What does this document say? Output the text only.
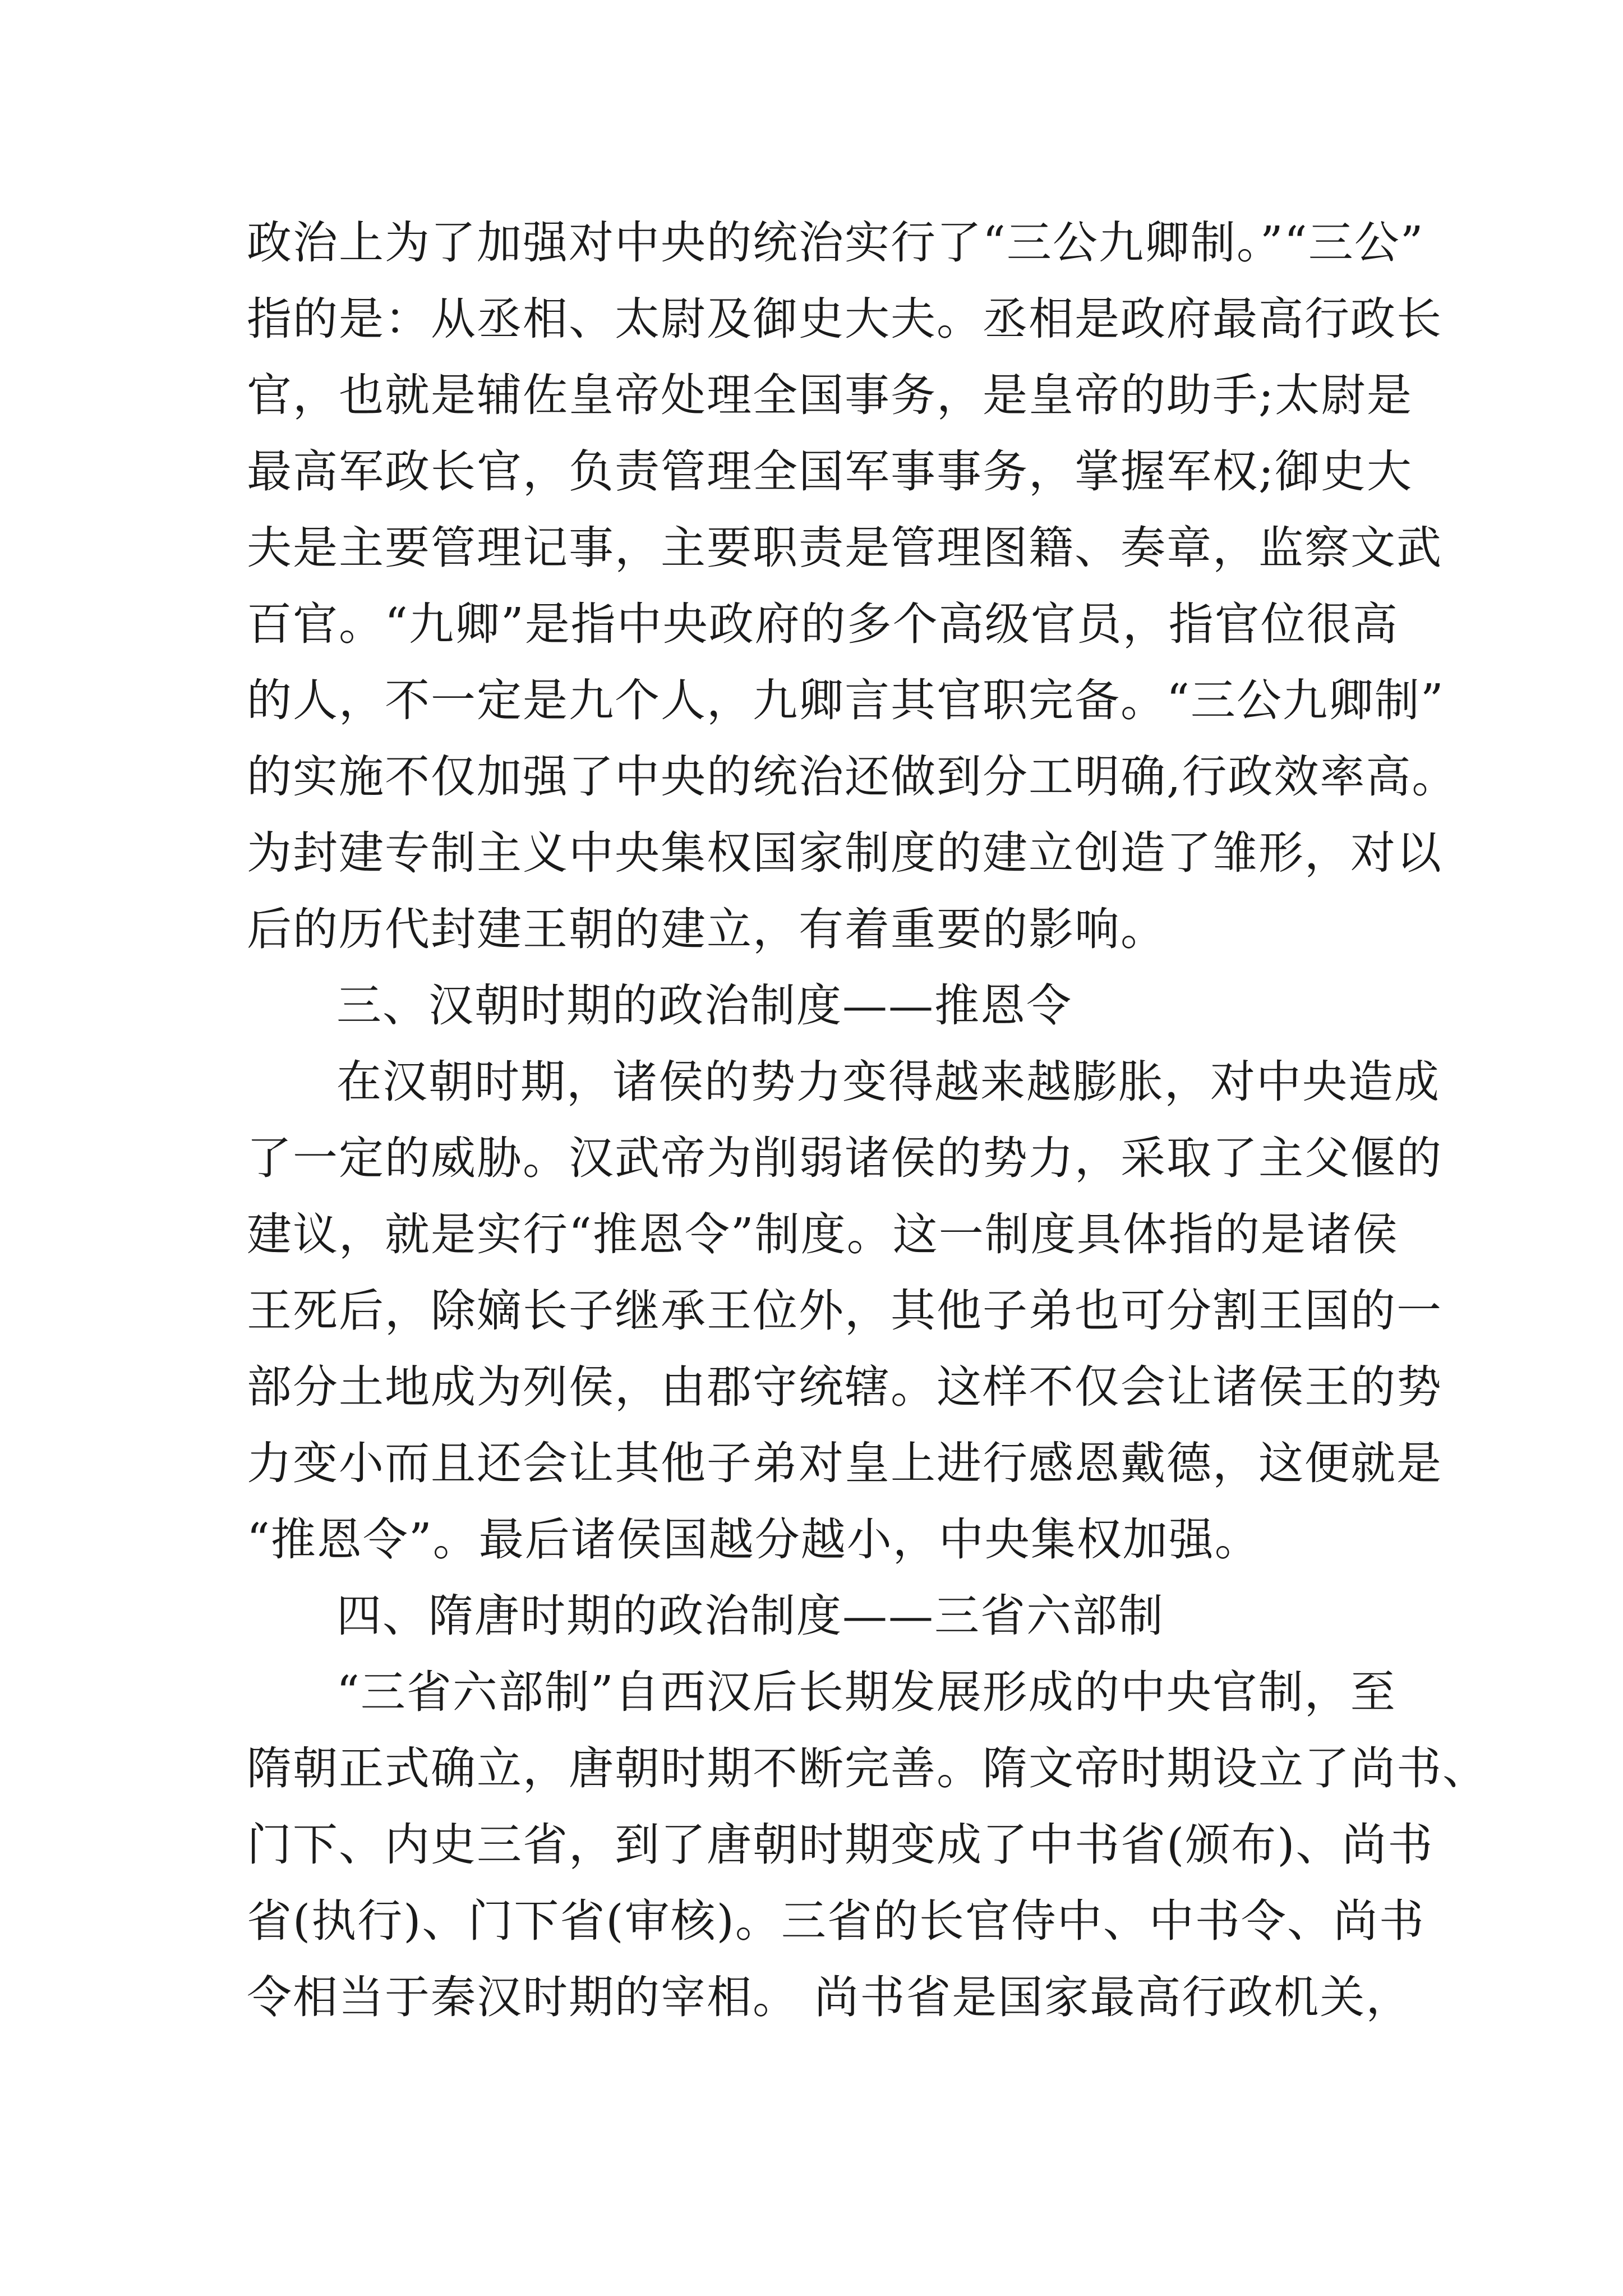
政治上为了加强对中央的统治实行了“三公九卿制。”“三公”
指的是：从丞相、太尉及御史大夫。丞相是政府最高行政长
官，也就是辅佐皇帝处理全国事务，是皇帝的助手;太尉是
最高军政长官，负责管理全国军事事务，掌握军权;御史大
夫是主要管理记事，主要职责是管理图籍、奏章，监察文武
百官。“九卿”是指中央政府的多个高级官员，指官位很高
的人，不一定是九个人，九卿言其官职完备。“三公九卿制”
的实施不仅加强了中央的统治还做到分工明确,行政效率高。
为封建专制主义中央集权国家制度的建立创造了雏形，对以
后的历代封建王朝的建立，有着重要的影响。
三、汉朝时期的政治制度——推恩令
在汉朝时期，诸侯的势力变得越来越膨胀，对中央造成
了一定的威胁。汉武帝为削弱诸侯的势力，采取了主父偃的
建议，就是实行“推恩令”制度。这一制度具体指的是诸侯
王死后，除嫡长子继承王位外，其他子弟也可分割王国的一
部分土地成为列侯，由郡守统辖。这样不仅会让诸侯王的势
力变小而且还会让其他子弟对皇上进行感恩戴德，这便就是
“推恩令”。最后诸侯国越分越小，中央集权加强。
四、隋唐时期的政治制度——三省六部制
“三省六部制”自西汉后长期发展形成的中央官制，至
隋朝正式确立，唐朝时期不断完善。隋文帝时期设立了尚书、
门下、内史三省，到了唐朝时期变成了中书省(颁布)、尚书
省(执行)、门下省(审核)。三省的长官侍中、中书令、尚书
令相当于秦汉时期的宰相。 尚书省是国家最高行政机关，
